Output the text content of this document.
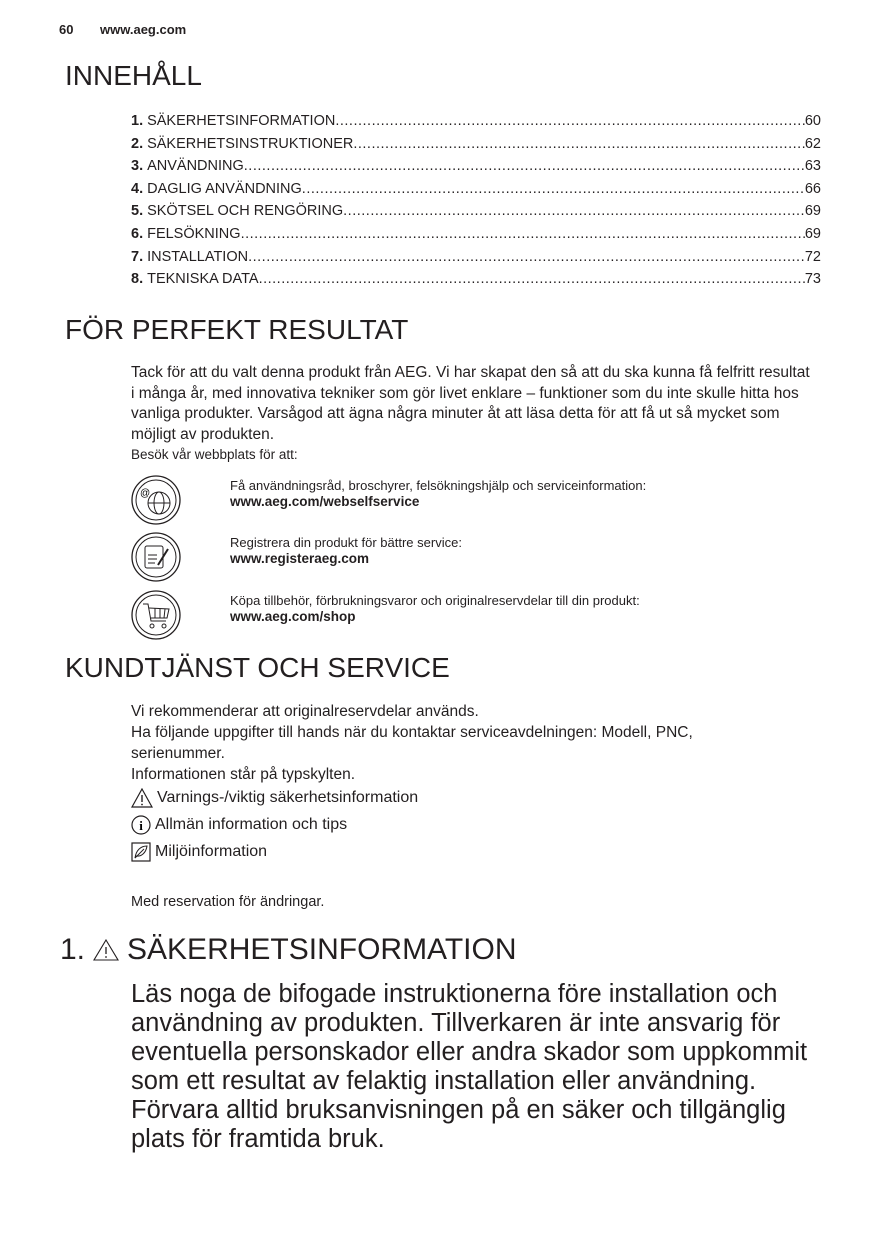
60 www.aeg.com
INNEHÅLL
1. SÄKERHETSINFORMATION .....	60
2. SÄKERHETSINSTRUKTIONER .....	62
3. ANVÄNDNING .....	63
4. DAGLIG ANVÄNDNING .....	66
5. SKÖTSEL OCH RENGÖRING .....	69
6. FELSÖKNING .....	69
7. INSTALLATION .....	72
8. TEKNISKA DATA .....	73
FÖR PERFEKT RESULTAT
Tack för att du valt denna produkt från AEG. Vi har skapat den så att du ska kunna få felfritt resultat i många år, med innovativa tekniker som gör livet enklare – funktioner som du inte skulle hitta hos vanliga produkter. Varsågod att ägna några minuter åt att läsa detta för att få ut så mycket som möjligt av produkten.
Besök vår webbplats för att:
@
Få användningsråd, broschyrer, felsökningshjälp och serviceinformation:
www.aeg.com/webselfservice
Registrera din produkt för bättre service:
www.registeraeg.com
Köpa tillbehör, förbrukningsvaror och originalreservdelar till din produkt:
www.aeg.com/shop
KUNDTJÄNST OCH SERVICE
Vi rekommenderar att originalreservdelar används.
Ha följande uppgifter till hands när du kontaktar serviceavdelningen: Modell, PNC, serienummer.
Informationen står på typskylten.
Varnings-/viktig säkerhetsinformation
i Allmän information och tips
Miljöinformation
Med reservation för ändringar.
1. SÄKERHETSINFORMATION
Läs noga de bifogade instruktionerna före installation och användning av produkten. Tillverkaren är inte ansvarig för eventuella personskador eller andra skador som uppkommit som ett resultat av felaktig installation eller användning. Förvara alltid bruksanvisningen på en säker och tillgänglig plats för framtida bruk.
